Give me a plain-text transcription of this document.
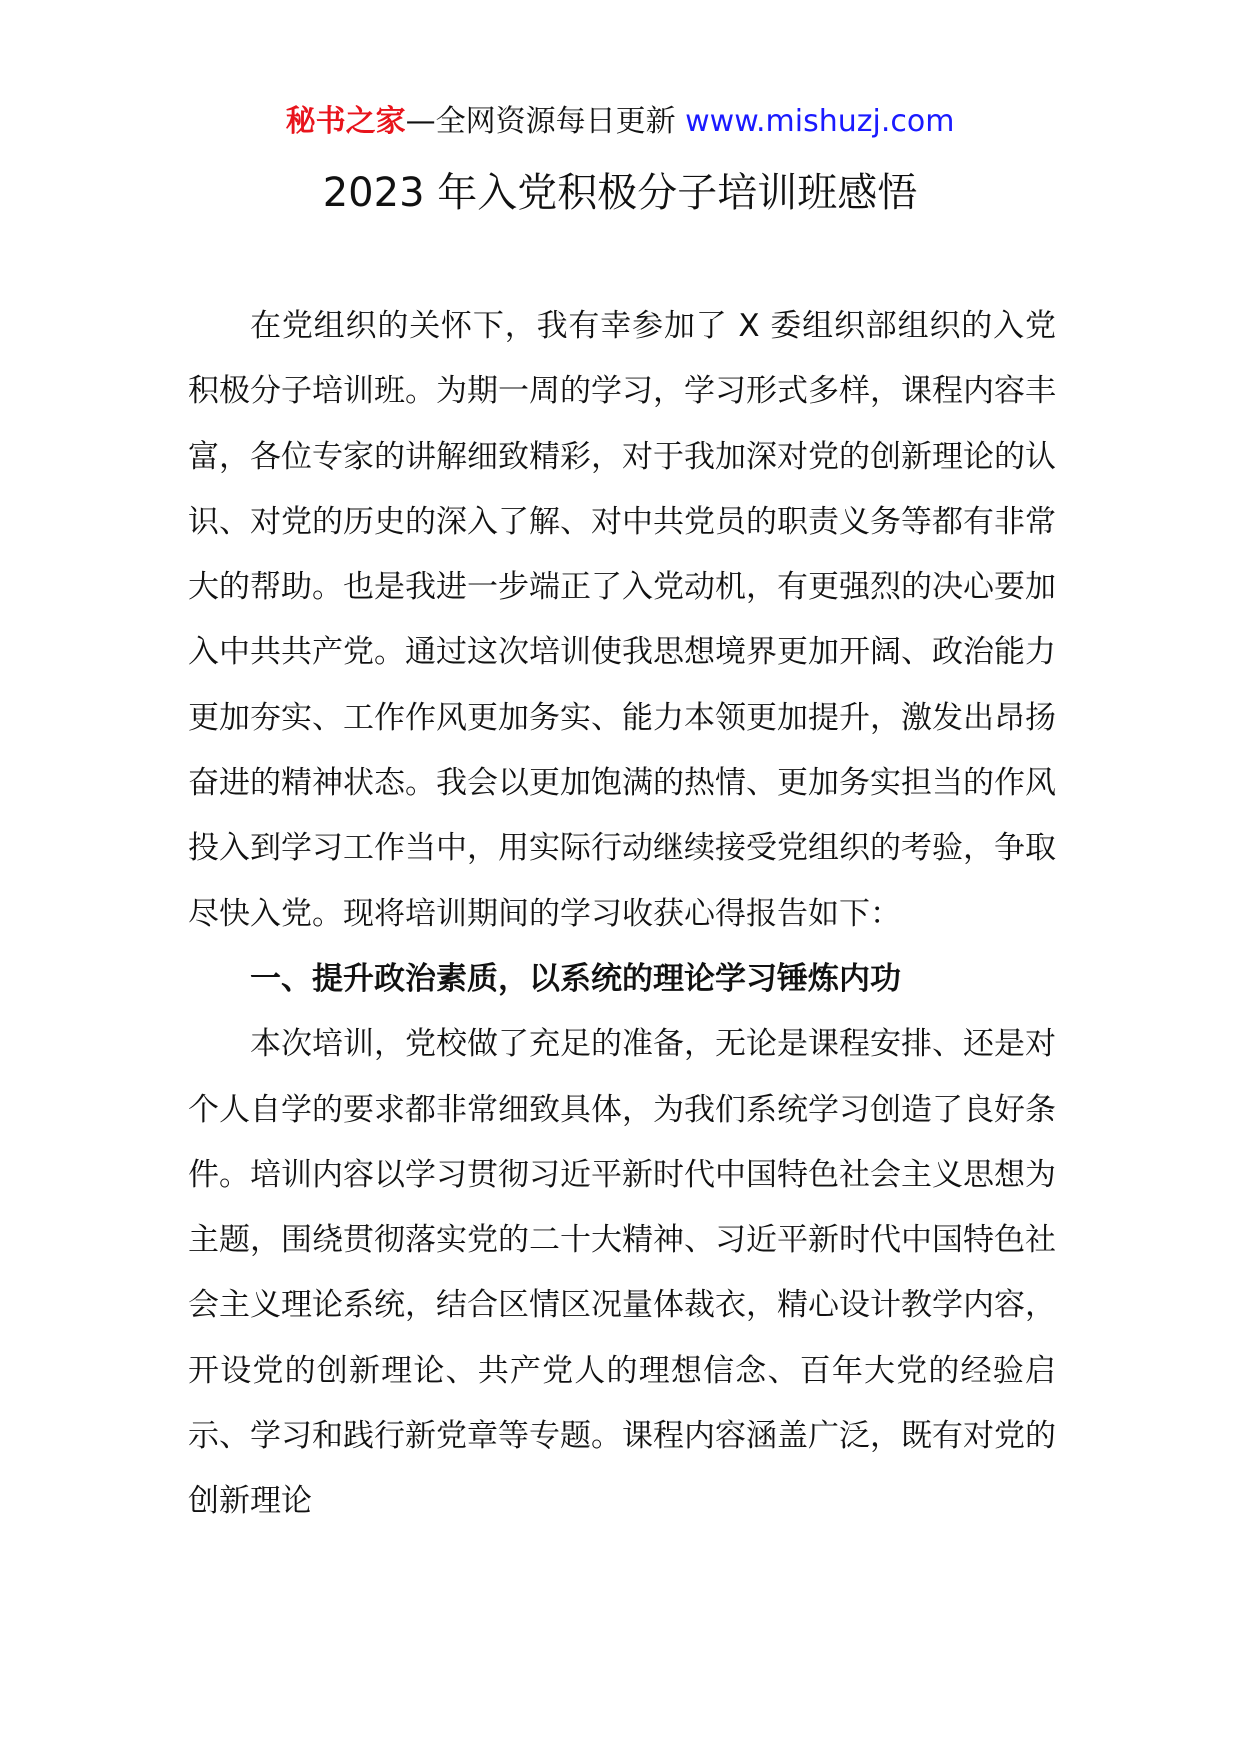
秘书之家—全网资源每日更新 www.mishuzj.com
2023 年入党积极分子培训班感悟

在党组织的关怀下，我有幸参加了 X 委组织部组织的入党积极分子培训班。为期一周的学习，学习形式多样，课程内容丰富，各位专家的讲解细致精彩，对于我加深对党的创新理论的认识、对党的历史的深入了解、对中共党员的职责义务等都有非常大的帮助。也是我进一步端正了入党动机，有更强烈的决心要加入中共共产党。通过这次培训使我思想境界更加开阔、政治能力更加夯实、工作作风更加务实、能力本领更加提升，激发出昂扬奋进的精神状态。我会以更加饱满的热情、更加务实担当的作风投入到学习工作当中，用实际行动继续接受党组织的考验，争取尽快入党。现将培训期间的学习收获心得报告如下：

一、提升政治素质，以系统的理论学习锤炼内功

本次培训，党校做了充足的准备，无论是课程安排、还是对个人自学的要求都非常细致具体，为我们系统学习创造了良好条件。培训内容以学习贯彻习近平新时代中国特色社会主义思想为主题，围绕贯彻落实党的二十大精神、习近平新时代中国特色社会主义理论系统，结合区情区况量体裁衣，精心设计教学内容，开设党的创新理论、共产党人的理想信念、百年大党的经验启示、学习和践行新党章等专题。课程内容涵盖广泛，既有对党的创新理论
